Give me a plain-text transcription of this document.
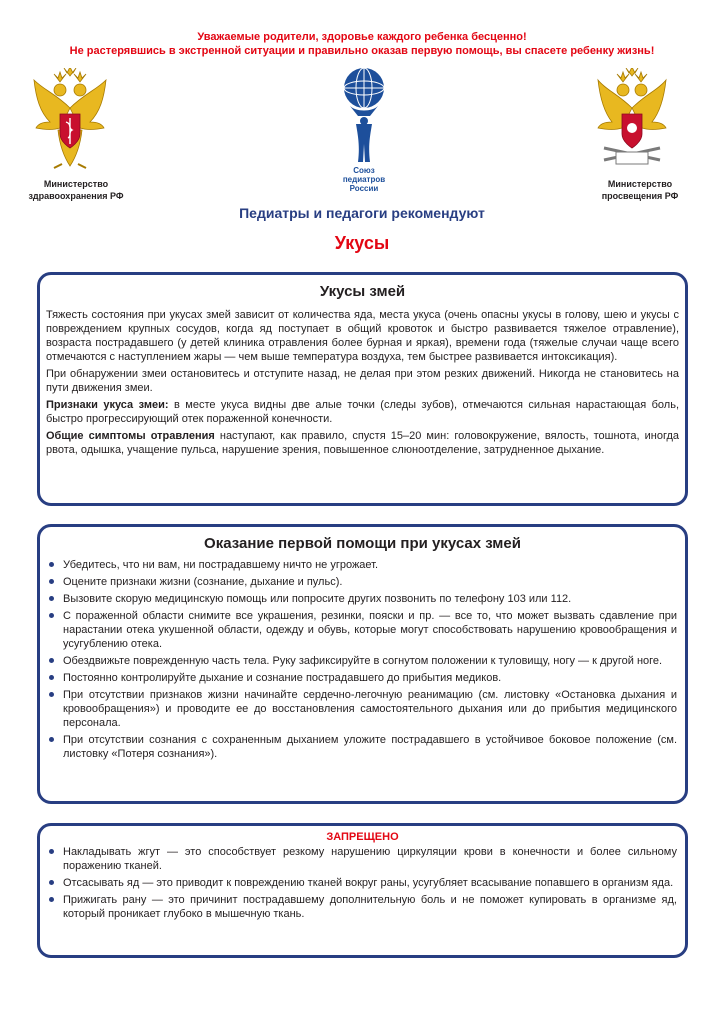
Уважаемые родители, здоровье каждого ребенка бесценно!
Не растерявшись в экстренной ситуации и правильно оказав первую помощь, вы спасете ребенку жизнь!
Министерство
здравоохранения РФ
Союз
педиатров
России	Министерство
просвещения РФ
Педиатры и педагоги рекомендуют
Укусы
Укусы змей

Тяжесть состояния при укусах змей зависит от количества яда, места укуса (очень опасны укусы в голову, шею и укусы с повреждением крупных сосудов, когда яд поступает в общий кровоток и быстро развивается тяжелое отравление), возраста пострадавшего (у детей клиника отравления более бурная и яркая), времени года (тяжелые случаи чаще всего отмечаются с наступлением жары — чем выше температура воздуха, тем быстрее развивается интоксикация).

При обнаружении змеи остановитесь и отступите назад, не делая при этом резких движений. Никогда не становитесь на пути движения змеи.

Признаки укуса змеи: в месте укуса видны две алые точки (следы зубов), отмечаются сильная нарастающая боль, быстро прогрессирующий отек пораженной конечности.

Общие симптомы отравления наступают, как правило, спустя 15–20 мин: головокружение, вялость, тошнота, иногда рвота, одышка, учащение пульса, нарушение зрения, повышенное слюноотделение, затрудненное дыхание.

Оказание первой помощи при укусах змей
Убедитесь, что ни вам, ни пострадавшему ничто не угрожает.
Оцените признаки жизни (сознание, дыхание и пульс).
Вызовите скорую медицинскую помощь или попросите других позвонить по телефону 103 или 112.
С пораженной области снимите все украшения, резинки, пояски и пр. — все то, что может вызвать сдавление при нарастании отека укушенной области, одежду и обувь, которые могут способствовать нарушению кровообращения и усугублению отека.
Обездвижьте поврежденную часть тела. Руку зафиксируйте в согнутом положении к туловищу, ногу — к другой ноге.
Постоянно контролируйте дыхание и сознание пострадавшего до прибытия медиков.
При отсутствии признаков жизни начинайте сердечно-легочную реанимацию (см. листовку «Остановка дыхания и кровообращения») и проводите ее до восстановления самостоятельного дыхания или до прибытия медицинского персонала.
При отсутствии сознания с сохраненным дыханием уложите пострадавшего в устойчивое боковое положение (см. листовку «Потеря сознания»).
ЗАПРЕЩЕНО
Накладывать жгут — это способствует резкому нарушению циркуляции крови в конечности и более сильному поражению тканей.
Отсасывать яд — это приводит к повреждению тканей вокруг раны, усугубляет всасывание попавшего в организм яда.
Прижигать рану — это причинит пострадавшему дополнительную боль и не поможет купировать в организме яд, который проникает глубоко в мышечную ткань.
